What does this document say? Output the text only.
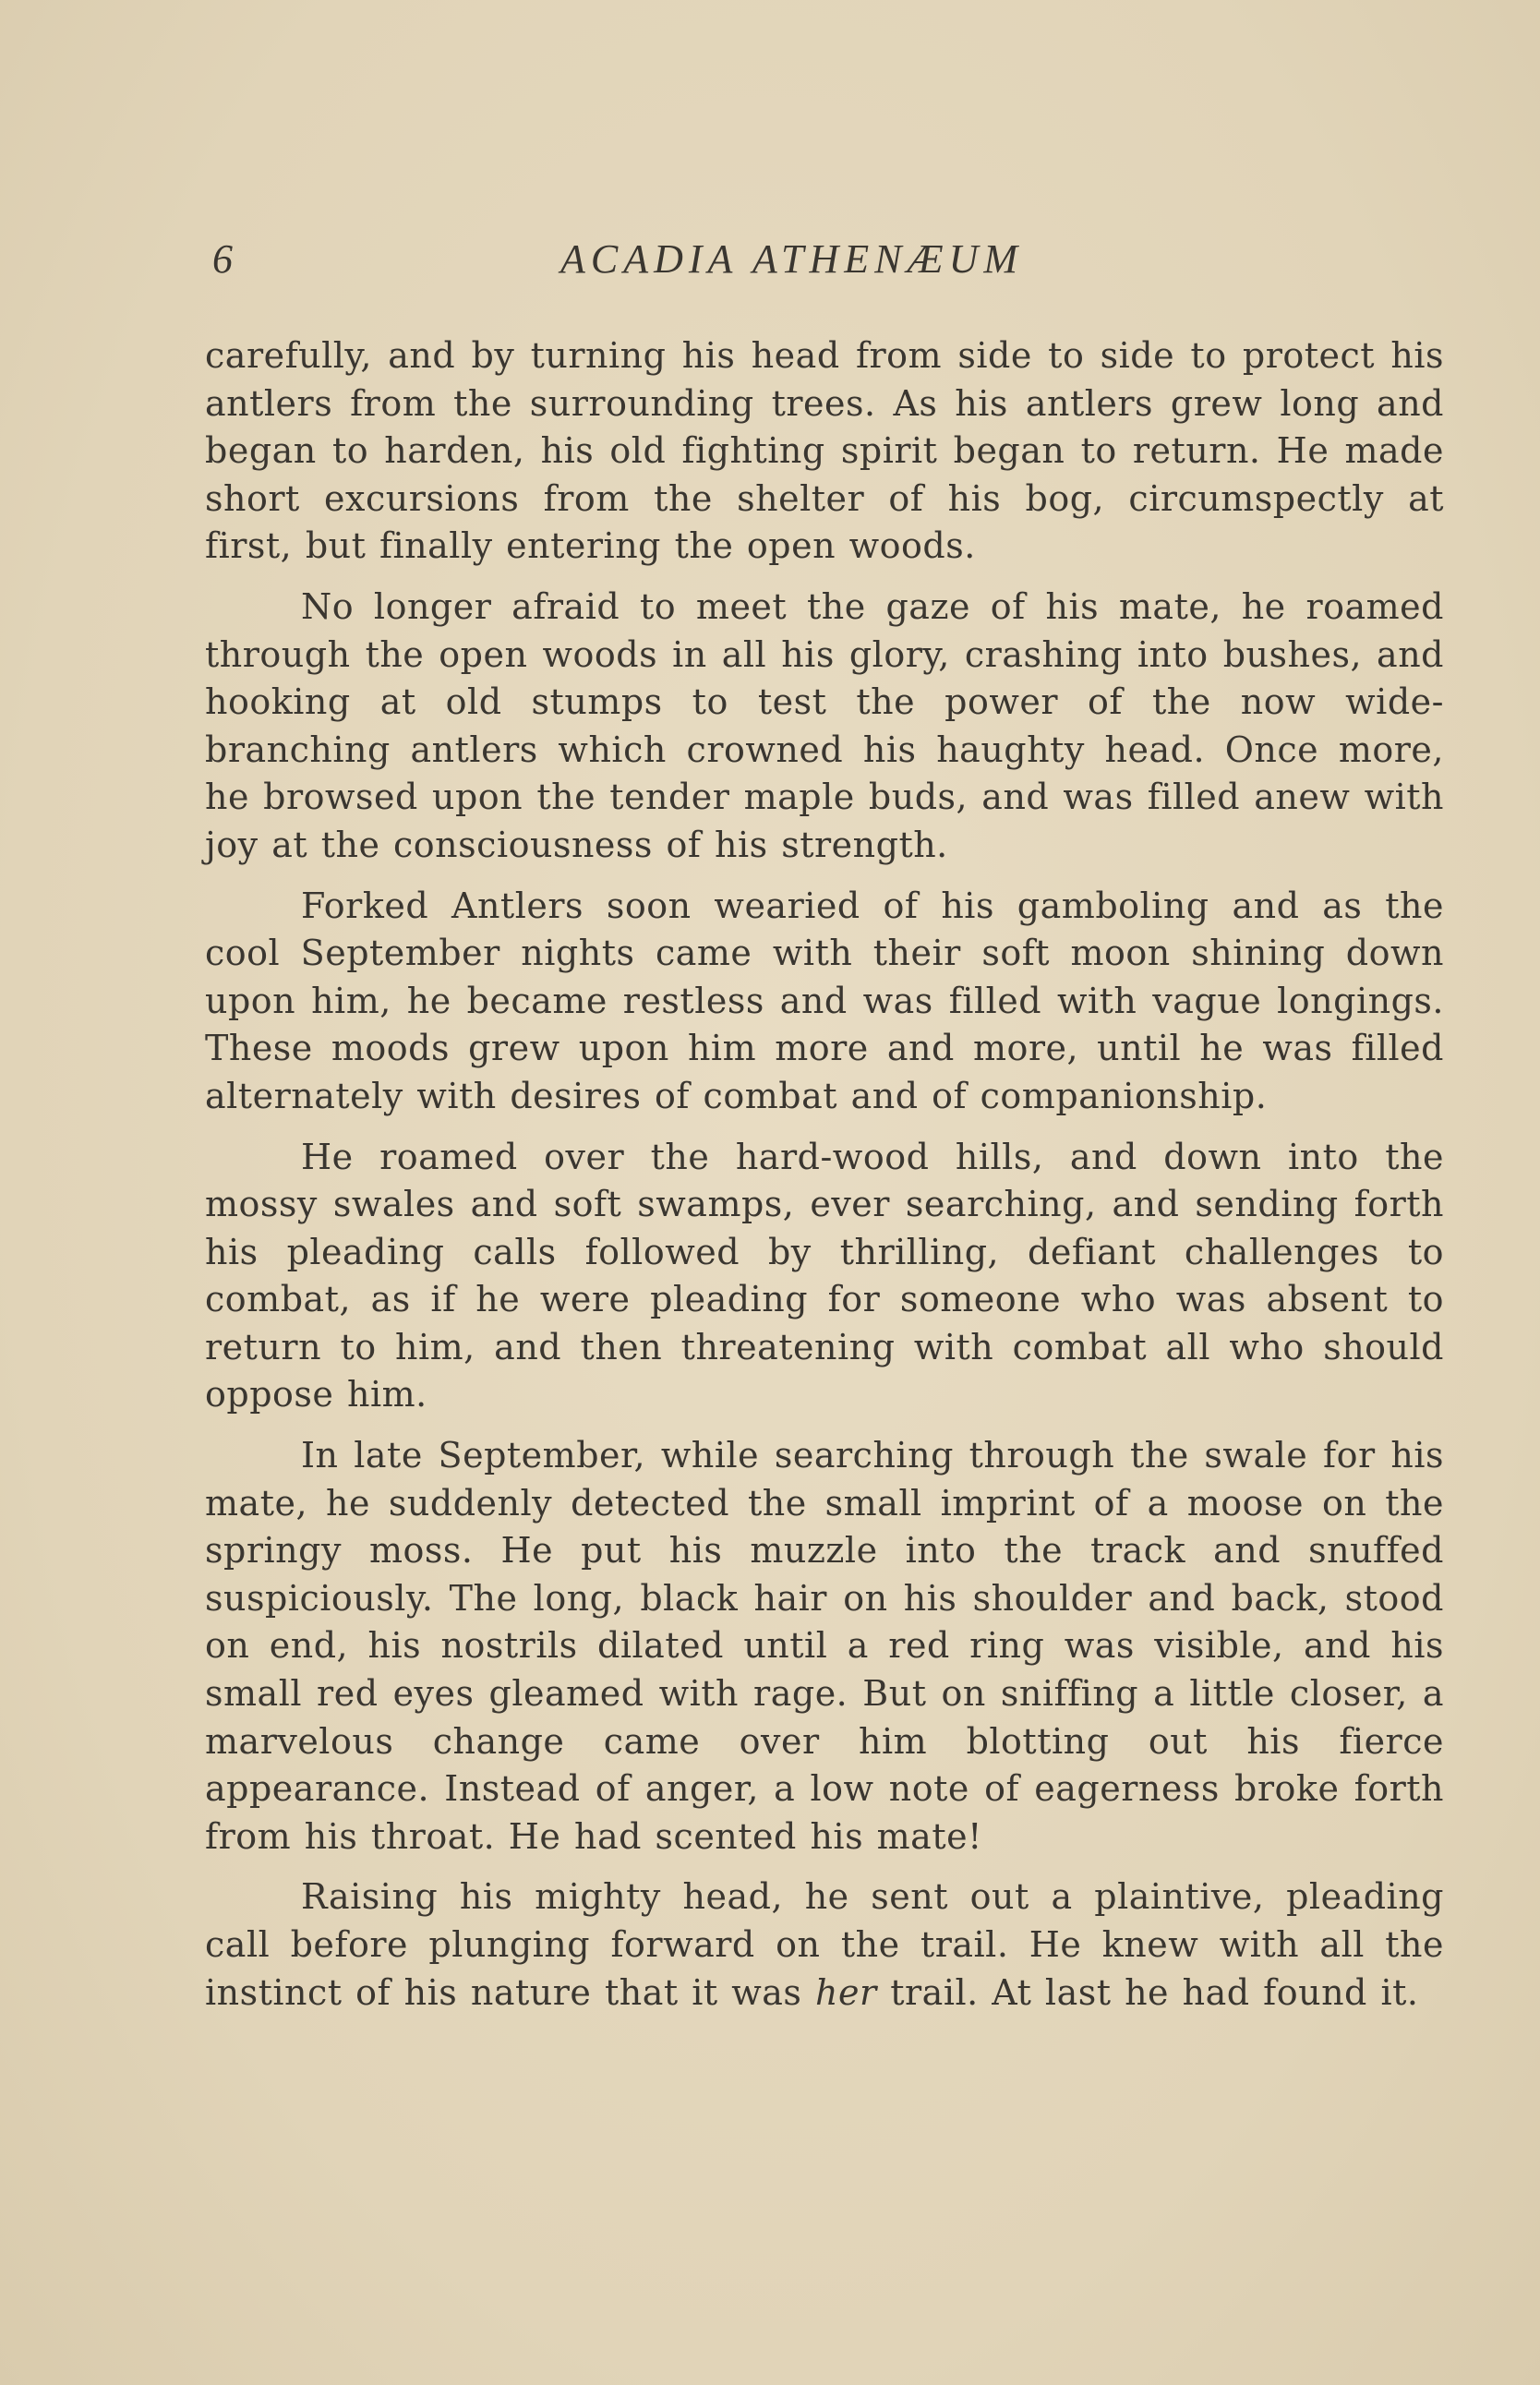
6	ACADIA ATHENÆUM

carefully, and by turning his head from side to side to protect his antlers from the surrounding trees. As his antlers grew long and began to harden, his old fighting spirit began to return. He made short excursions from the shelter of his bog, circumspectly at first, but finally entering the open woods.

No longer afraid to meet the gaze of his mate, he roamed through the open woods in all his glory, crashing into bushes, and hooking at old stumps to test the power of the now wide-branching antlers which crowned his haughty head. Once more, he browsed upon the tender maple buds, and was filled anew with joy at the consciousness of his strength.

Forked Antlers soon wearied of his gamboling and as the cool September nights came with their soft moon shining down upon him, he became restless and was filled with vague longings. These moods grew upon him more and more, until he was filled alternately with desires of combat and of companionship.

He roamed over the hard-wood hills, and down into the mossy swales and soft swamps, ever searching, and sending forth his pleading calls followed by thrilling, defiant challenges to combat, as if he were pleading for someone who was absent to return to him, and then threatening with combat all who should oppose him.

In late September, while searching through the swale for his mate, he suddenly detected the small imprint of a moose on the springy moss. He put his muzzle into the track and snuffed suspiciously. The long, black hair on his shoulder and back, stood on end, his nostrils dilated until a red ring was visible, and his small red eyes gleamed with rage. But on sniffing a little closer, a marvelous change came over him blotting out his fierce appearance. Instead of anger, a low note of eagerness broke forth from his throat. He had scented his mate!

Raising his mighty head, he sent out a plaintive, pleading call before plunging forward on the trail. He knew with all the instinct of his nature that it was her trail. At last he had found it.
